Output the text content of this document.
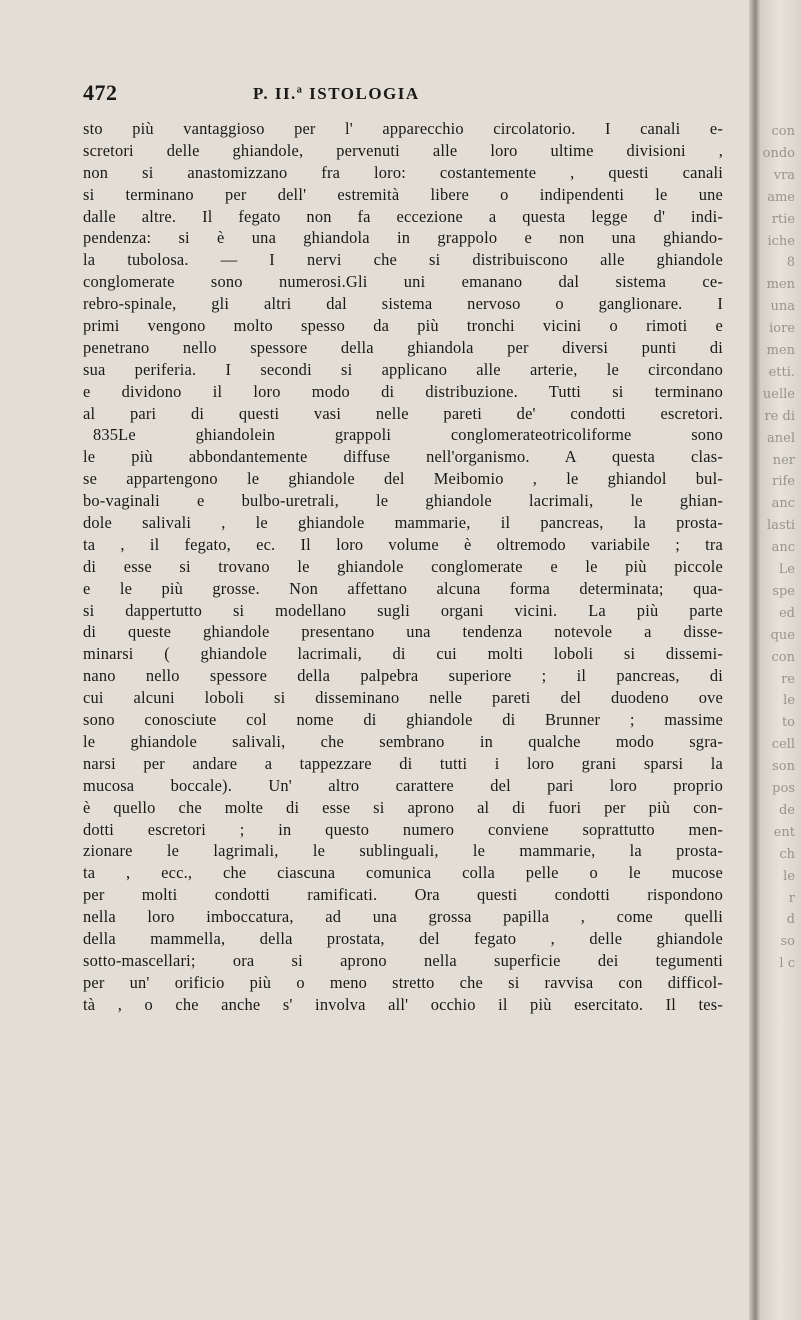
472	P. II.ª ISTOLOGIA
sto più vantaggioso per l' apparecchio circolatorio. I canali e-
scretori delle ghiandole, pervenuti alle loro ultime divisioni ,
non si anastomizzano fra loro: costantemente , questi canali
si terminano per dell' estremità libere o indipendenti le une
dalle altre. Il fegato non fa eccezione a questa legge d' indi-
pendenza: si è una ghiandola in grappolo e non una ghiando-
la tubolosa. — I nervi che si distribuiscono alle ghiandole
conglomerate sono numerosi.Gli uni emanano dal sistema ce-
rebro-spinale, gli altri dal sistema nervoso o ganglionare. I
primi vengono molto spesso da più tronchi vicini o rimoti e
penetrano nello spessore della ghiandola per diversi punti di
sua periferia. I secondi si applicano alle arterie, le circondano
e dividono il loro modo di distribuzione. Tutti si terminano
al pari di questi vasi nelle pareti de' condotti escretori.
835Le ghiandolein grappoli conglomerateotricoliforme sono
le più abbondantemente diffuse nell'organismo. A questa clas-
se appartengono le ghiandole del Meibomio , le ghiandol bul-
bo-vaginali e bulbo-uretrali, le ghiandole lacrimali, le ghian-
dole salivali , le ghiandole mammarie, il pancreas, la prosta-
ta , il fegato, ec. Il loro volume è oltremodo variabile ; tra
di esse si trovano le ghiandole conglomerate e le più piccole
e le più grosse. Non affettano alcuna forma determinata; qua-
si dappertutto si modellano sugli organi vicini. La più parte
di queste ghiandole presentano una tendenza notevole a disse-
minarsi ( ghiandole lacrimali, di cui molti loboli si dissemi-
nano nello spessore della palpebra superiore ; il pancreas, di
cui alcuni loboli si disseminano nelle pareti del duodeno ove
sono conosciute col nome di ghiandole di Brunner ; massime
le ghiandole salivali, che sembrano in qualche modo sgra-
narsi per andare a tappezzare di tutti i loro grani sparsi la
mucosa boccale). Un' altro carattere del pari loro proprio
è quello che molte di esse si aprono al di fuori per più con-
dotti escretori ; in questo numero conviene soprattutto men-
zionare le lagrimali, le sublinguali, le mammarie, la prosta-
ta , ecc., che ciascuna comunica colla pelle o le mucose
per molti condotti ramificati. Ora questi condotti rispondono
nella loro imboccatura, ad una grossa papilla , come quelli
della mammella, della prostata, del fegato , delle ghiandole
sotto-mascellari; ora si aprono nella superficie dei tegumenti
per un' orificio più o meno stretto che si ravvisa con difficol-
tà , o che anche s' involva all' occhio il più esercitato. Il tes-
con
ondo
vra
ame
rtie
iche
8
men
una
iore
men
etti.
uelle
re di
anel
ner
rife
anc
lasti
anc
Le
spe
ed
que
con
re
le
to
cell
son
pos
de
ent
ch
le
r
d
so
l c
